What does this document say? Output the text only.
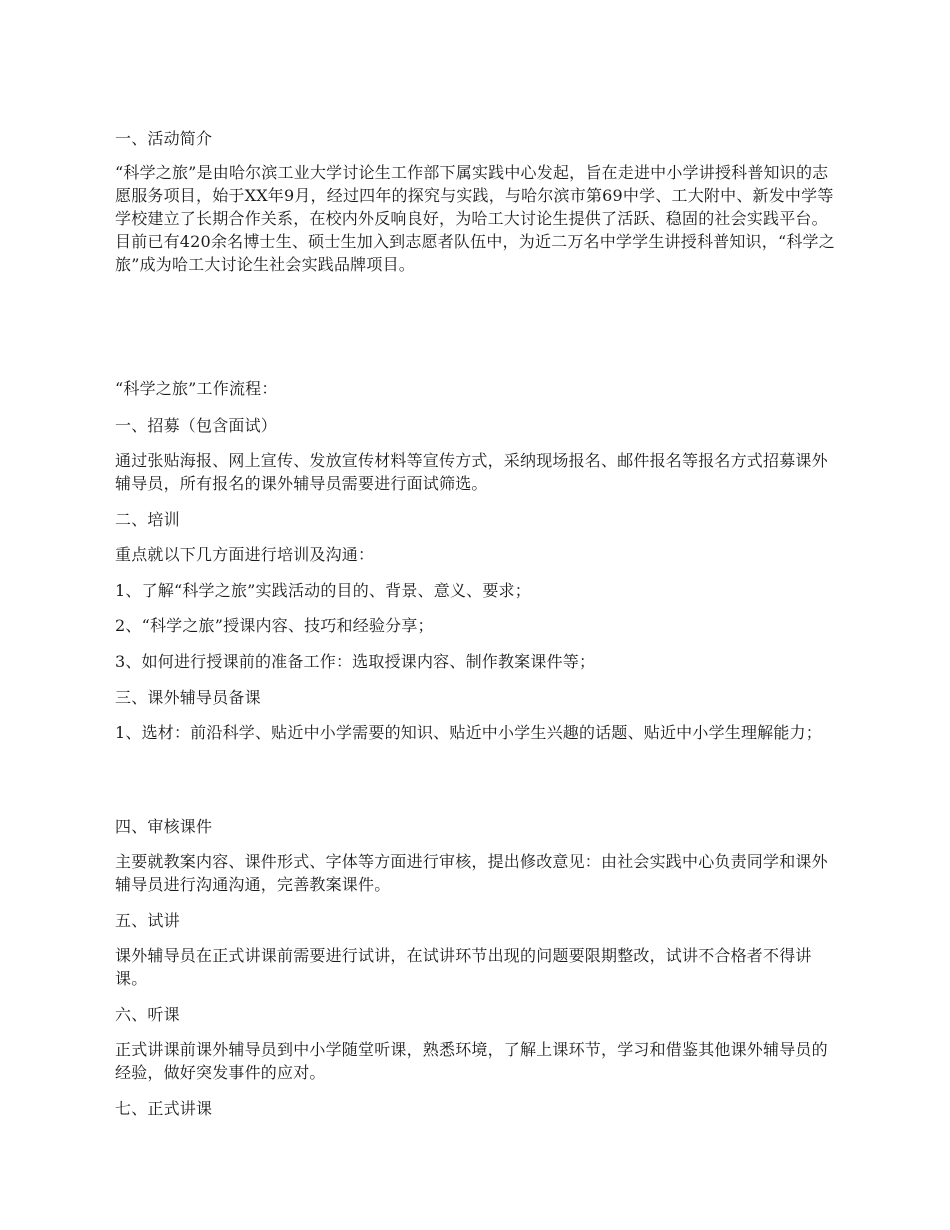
一、活动简介

“科学之旅”是由哈尔滨工业大学讨论生工作部下属实践中心发起，旨在走进中小学讲授科普知识的志愿服务项目，始于XX年9月，经过四年的探究与实践，与哈尔滨市第69中学、工大附中、新发中学等学校建立了长期合作关系，在校内外反响良好，为哈工大讨论生提供了活跃、稳固的社会实践平台。目前已有420余名博士生、硕士生加入到志愿者队伍中，为近二万名中学学生讲授科普知识，“科学之旅”成为哈工大讨论生社会实践品牌项目。

“科学之旅”工作流程：

一、招募（包含面试）

通过张贴海报、网上宣传、发放宣传材料等宣传方式，采纳现场报名、邮件报名等报名方式招募课外辅导员，所有报名的课外辅导员需要进行面试筛选。

二、培训

重点就以下几方面进行培训及沟通：

1、了解“科学之旅”实践活动的目的、背景、意义、要求；

2、“科学之旅”授课内容、技巧和经验分享；

3、如何进行授课前的准备工作：选取授课内容、制作教案课件等；

三、课外辅导员备课

1、选材：前沿科学、贴近中小学需要的知识、贴近中小学生兴趣的话题、贴近中小学生理解能力；

四、审核课件

主要就教案内容、课件形式、字体等方面进行审核，提出修改意见：由社会实践中心负责同学和课外辅导员进行沟通沟通，完善教案课件。

五、试讲

课外辅导员在正式讲课前需要进行试讲，在试讲环节出现的问题要限期整改，试讲不合格者不得讲课。

六、听课

正式讲课前课外辅导员到中小学随堂听课，熟悉环境，了解上课环节，学习和借鉴其他课外辅导员的经验，做好突发事件的应对。

七、正式讲课
